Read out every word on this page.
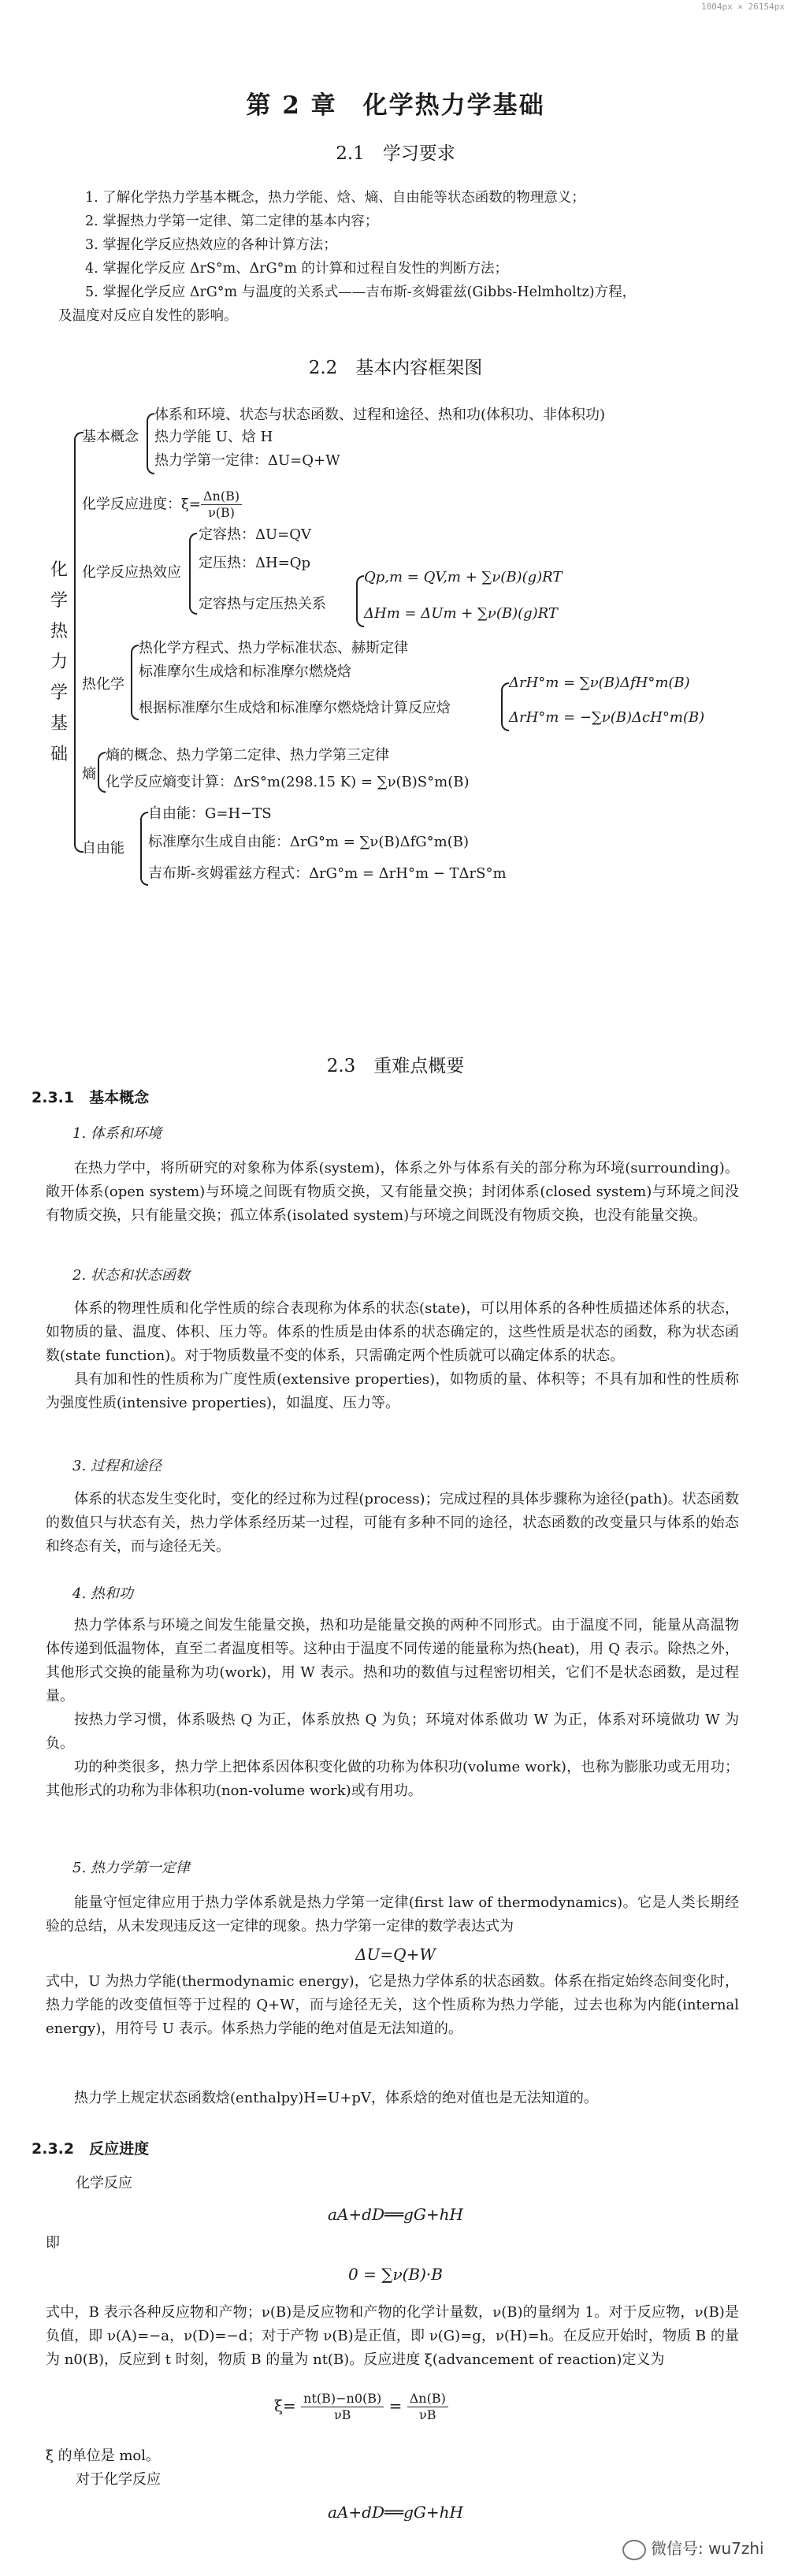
1004px × 26154px
第 2 章　化学热力学基础
2.1　学习要求
1. 了解化学热力学基本概念，热力学能、焓、熵、自由能等状态函数的物理意义；
2. 掌握热力学第一定律、第二定律的基本内容；
3. 掌握化学反应热效应的各种计算方法；
4. 掌握化学反应 ΔrS°m、ΔrG°m 的计算和过程自发性的判断方法；
5. 掌握化学反应 ΔrG°m 与温度的关系式——吉布斯-亥姆霍兹(Gibbs-Helmholtz)方程，
及温度对反应自发性的影响。
2.2　基本内容框架图
化
学
热
力
学
基
础
基本概念
体系和环境、状态与状态函数、过程和途径、热和功(体积功、非体积功)
热力学能 U、焓 H
热力学第一定律：ΔU=Q+W
化学反应进度：$\xi= \frac{\Delta n(B)}{\nu(B)}$
化学反应热效应
定容热：ΔU=QV
定压热：ΔH=Qp
定容热与定压热关系
Qp,m = QV,m + ∑ν(B)(g)RT
ΔHm = ΔUm + ∑ν(B)(g)RT
热化学
热化学方程式、热力学标准状态、赫斯定律
标准摩尔生成焓和标准摩尔燃烧焓
根据标准摩尔生成焓和标准摩尔燃烧焓计算反应焓
ΔrH°m = ∑ν(B)ΔfH°m(B)
ΔrH°m = −∑ν(B)ΔcH°m(B)
熵
熵的概念、热力学第二定律、热力学第三定律
化学反应熵变计算：ΔrS°m(298.15 K) = ∑ν(B)S°m(B)
自由能
自由能：G=H−TS
标准摩尔生成自由能：ΔrG°m = ∑ν(B)ΔfG°m(B)
吉布斯-亥姆霍兹方程式：ΔrG°m = ΔrH°m − TΔrS°m
2.3　重难点概要
2.3.1　基本概念
1. 体系和环境

在热力学中，将所研究的对象称为体系(system)，体系之外与体系有关的部分称为环境(surrounding)。敞开体系(open system)与环境之间既有物质交换，又有能量交换；封闭体系(closed system)与环境之间没有物质交换，只有能量交换；孤立体系(isolated system)与环境之间既没有物质交换，也没有能量交换。

2. 状态和状态函数

体系的物理性质和化学性质的综合表现称为体系的状态(state)，可以用体系的各种性质描述体系的状态，如物质的量、温度、体积、压力等。体系的性质是由体系的状态确定的，这些性质是状态的函数，称为状态函数(state function)。对于物质数量不变的体系，只需确定两个性质就可以确定体系的状态。

具有加和性的性质称为广度性质(extensive properties)，如物质的量、体积等；不具有加和性的性质称为强度性质(intensive properties)，如温度、压力等。

3. 过程和途径

体系的状态发生变化时，变化的经过称为过程(process)；完成过程的具体步骤称为途径(path)。状态函数的数值只与状态有关，热力学体系经历某一过程，可能有多种不同的途径，状态函数的改变量只与体系的始态和终态有关，而与途径无关。

4. 热和功

热力学体系与环境之间发生能量交换，热和功是能量交换的两种不同形式。由于温度不同，能量从高温物体传递到低温物体，直至二者温度相等。这种由于温度不同传递的能量称为热(heat)，用 Q 表示。除热之外，其他形式交换的能量称为功(work)，用 W 表示。热和功的数值与过程密切相关，它们不是状态函数，是过程量。

按热力学习惯，体系吸热 Q 为正，体系放热 Q 为负；环境对体系做功 W 为正，体系对环境做功 W 为负。

功的种类很多，热力学上把体系因体积变化做的功称为体积功(volume work)，也称为膨胀功或无用功；其他形式的功称为非体积功(non-volume work)或有用功。

5. 热力学第一定律

能量守恒定律应用于热力学体系就是热力学第一定律(first law of thermodynamics)。它是人类长期经验的总结，从未发现违反这一定律的现象。热力学第一定律的数学表达式为

ΔU=Q+W

式中，U 为热力学能(thermodynamic energy)，它是热力学体系的状态函数。体系在指定始终态间变化时，热力学能的改变值恒等于过程的 Q+W，而与途径无关，这个性质称为热力学能，过去也称为内能(internal energy)，用符号 U 表示。体系热力学能的绝对值是无法知道的。

热力学上规定状态函数焓(enthalpy)H=U+pV，体系焓的绝对值也是无法知道的。

2.3.2　反应进度
化学反应
aA+dD══gG+hH
即
0 = ∑ν(B)·B

式中，B 表示各种反应物和产物；ν(B)是反应物和产物的化学计量数，ν(B)的量纲为 1。对于反应物，ν(B)是负值，即 ν(A)=−a，ν(D)=−d；对于产物 ν(B)是正值，即 ν(G)=g，ν(H)=h。在反应开始时，物质 B 的量为 n0(B)，反应到 t 时刻，物质 B 的量为 nt(B)。反应进度 ξ(advancement of reaction)定义为

$\xi= \frac{nt(B)-n0(B)}{\nu B} = \frac{\Delta n(B)}{\nu B}$
ξ 的单位是 mol。
对于化学反应
aA+dD══gG+hH
微信号: wu7zhi
